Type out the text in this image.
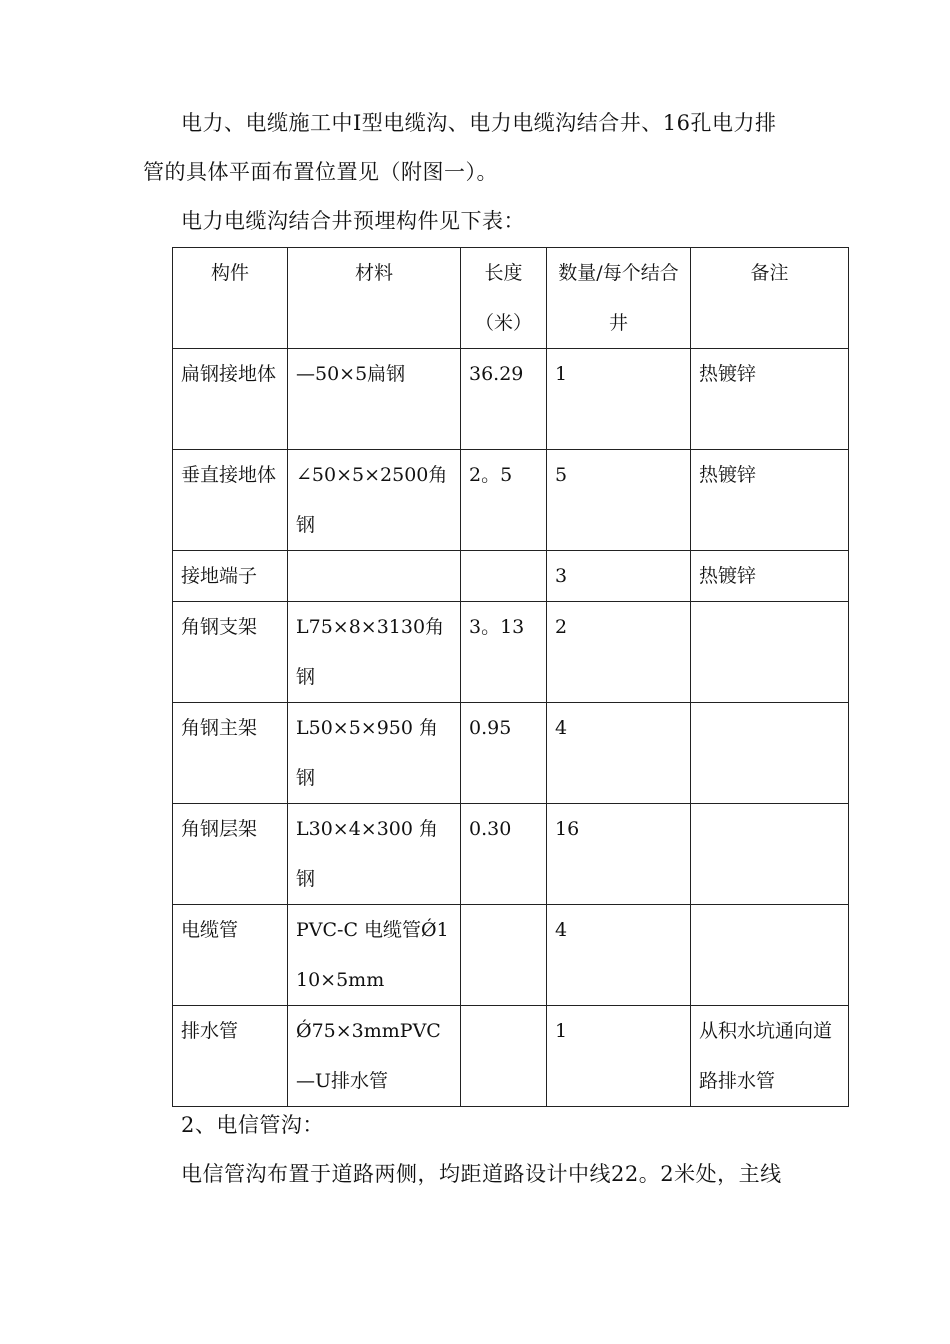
电力、电缆施工中Ⅰ型电缆沟、电力电缆沟结合井、16孔电力排
管的具体平面布置位置见（附图一）。
电力电缆沟结合井预埋构件见下表：
构件	材料	长度（米）	数量/每个结合井	备注
扁钢接地体	—50×5扁钢	36.29	1	热镀锌
垂直接地体	∠50×5×2500角钢	2。5	5	热镀锌
接地端子			3	热镀锌
角钢支架	L75×8×3130角钢	3。13	2	
角钢主架	L50×5×950 角钢	0.95	4	
角钢层架	L30×4×300 角钢	0.30	16	
电缆管	PVC-C 电缆管Ǿ110×5mm		4	
排水管	Ǿ75×3mmPVC—U排水管		1	从积水坑通向道路排水管
2、电信管沟：
电信管沟布置于道路两侧，均距道路设计中线22。2米处，主线
